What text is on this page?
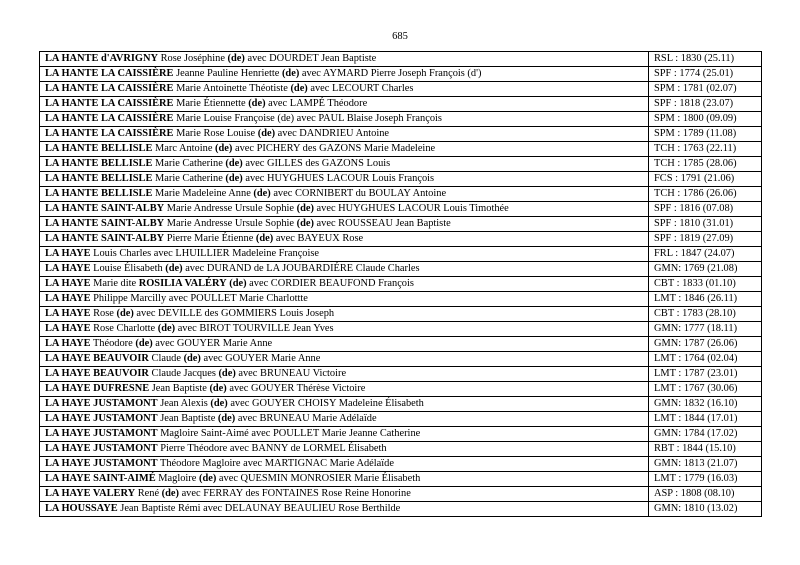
685
LA HANTE d'AVRIGNY Rose Joséphine (de) avec DOURDET Jean Baptiste	RSL : 1830 (25.11)
LA HANTE LA CAISSIÈRE Jeanne Pauline Henriette (de) avec AYMARD Pierre Joseph François (d')	SPF : 1774 (25.01)
LA HANTE LA CAISSIÈRE Marie Antoinette Théotiste (de) avec LECOURT Charles	SPM : 1781 (02.07)
LA HANTE LA CAISSIÈRE Marie Étiennette (de) avec LAMPÉ Théodore	SPF : 1818 (23.07)
LA HANTE LA CAISSIÈRE Marie Louise Françoise (de) avec PAUL Blaise Joseph François	SPM : 1800 (09.09)
LA HANTE LA CAISSIÈRE Marie Rose Louise (de) avec DANDRIEU Antoine	SPM : 1789 (11.08)
LA HANTE BELLISLE Marc Antoine (de) avec PICHERY des GAZONS Marie Madeleine	TCH : 1763 (22.11)
LA HANTE BELLISLE Marie Catherine (de) avec GILLES des GAZONS Louis	TCH : 1785 (28.06)
LA HANTE BELLISLE Marie Catherine (de) avec HUYGHUES LACOUR Louis François	FCS : 1791 (21.06)
LA HANTE BELLISLE Marie Madeleine Anne (de) avec CORNIBERT du BOULAY Antoine	TCH : 1786 (26.06)
LA HANTE SAINT-ALBY Marie Andresse Ursule Sophie (de) avec HUYGHUES LACOUR Louis Timothée	SPF : 1816 (07.08)
LA HANTE SAINT-ALBY Marie Andresse Ursule Sophie (de) avec ROUSSEAU Jean Baptiste	SPF : 1810 (31.01)
LA HANTE SAINT-ALBY Pierre Marie Étienne (de) avec BAYEUX Rose	SPF : 1819 (27.09)
LA HAYE Louis Charles avec LHUILLIER Madeleine Françoise	FRL : 1847 (24.07)
LA HAYE Louise Élisabeth (de) avec DURAND de LA JOUBARDIÉRE Claude Charles	GMN: 1769 (21.08)
LA HAYE Marie dite ROSILIA VALÉRY (de) avec CORDIER BEAUFOND François	CBT : 1833 (01.10)
LA HAYE Philippe Marcilly avec POULLET Marie Charlottte	LMT : 1846 (26.11)
LA HAYE Rose (de) avec DEVILLE des GOMMIERS Louis Joseph	CBT : 1783 (28.10)
LA HAYE Rose Charlotte (de) avec BIROT TOURVILLE Jean Yves	GMN: 1777 (18.11)
LA HAYE Théodore (de) avec GOUYER Marie Anne	GMN: 1787 (26.06)
LA HAYE BEAUVOIR Claude (de) avec GOUYER Marie Anne	LMT : 1764 (02.04)
LA HAYE BEAUVOIR Claude Jacques (de) avec BRUNEAU Victoire	LMT : 1787 (23.01)
LA HAYE DUFRESNE Jean Baptiste (de) avec GOUYER Thérèse Victoire	LMT : 1767 (30.06)
LA HAYE JUSTAMONT Jean Alexis (de) avec GOUYER CHOISY Madeleine Élisabeth	GMN: 1832 (16.10)
LA HAYE JUSTAMONT Jean Baptiste (de) avec BRUNEAU Marie Adélaïde	LMT : 1844 (17.01)
LA HAYE JUSTAMONT Magloire Saint-Aimé avec POULLET Marie Jeanne Catherine	GMN: 1784 (17.02)
LA HAYE JUSTAMONT Pierre Théodore avec BANNY de LORMEL Élisabeth	RBT : 1844 (15.10)
LA HAYE JUSTAMONT Théodore Magloire avec MARTIGNAC Marie Adélaïde	GMN: 1813 (21.07)
LA HAYE SAINT-AIMÉ Magloire (de) avec QUESMIN MONROSIER Marie Élisabeth	LMT : 1779 (16.03)
LA HAYE VALERY René (de) avec FERRAY des FONTAINES Rose Reine Honorine	ASP : 1808 (08.10)
LA HOUSSAYE Jean Baptiste Rémi avec DELAUNAY BEAULIEU Rose Berthilde	GMN: 1810 (13.02)
